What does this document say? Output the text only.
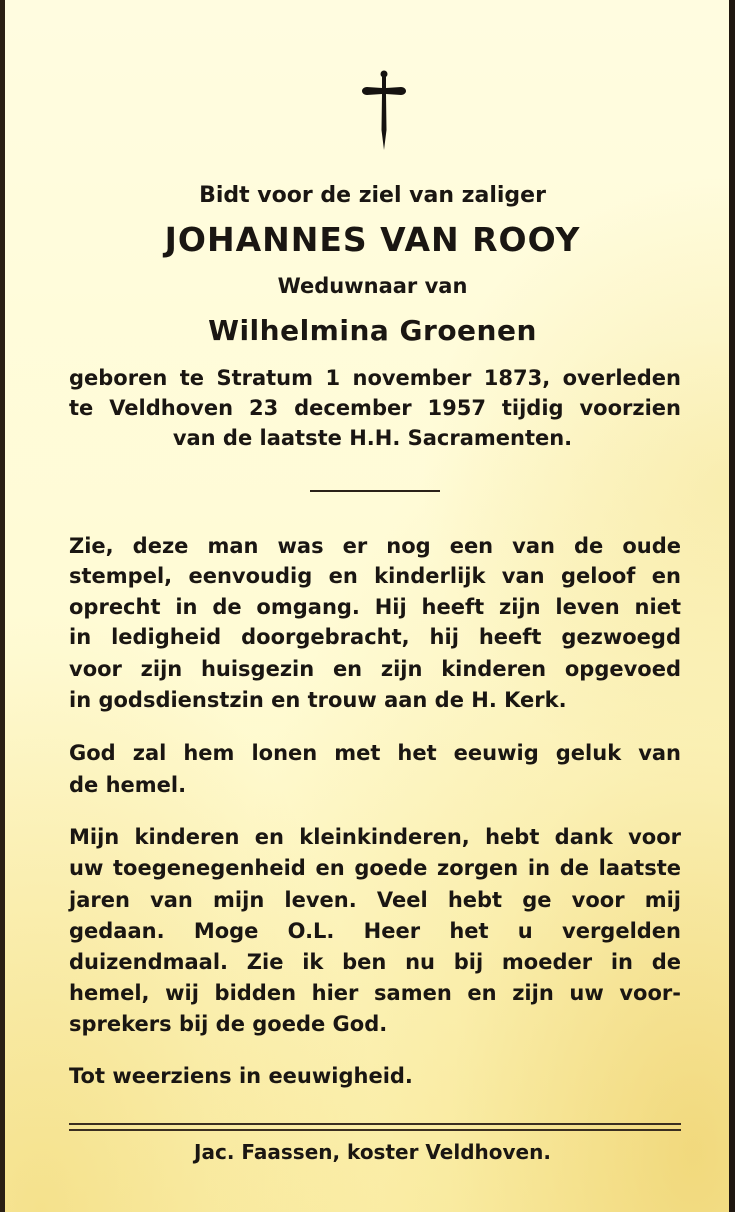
Bidt voor de ziel van zaliger
JOHANNES VAN ROOY
Weduwnaar van
Wilhelmina Groenen
geboren te Stratum 1 november 1873, overleden
te Veldhoven 23 december 1957 tijdig voorzien
van de laatste H.H. Sacramenten.
Zie, deze man was er nog een van de oude
stempel, eenvoudig en kinderlijk van geloof en
oprecht in de omgang. Hij heeft zijn leven niet
in ledigheid doorgebracht, hij heeft gezwoegd
voor zijn huisgezin en zijn kinderen opgevoed
in godsdienstzin en trouw aan de H. Kerk.
God zal hem lonen met het eeuwig geluk van
de hemel.
Mijn kinderen en kleinkinderen, hebt dank voor
uw toegenegenheid en goede zorgen in de laatste
jaren van mijn leven. Veel hebt ge voor mij
gedaan. Moge O.L. Heer het u vergelden
duizendmaal. Zie ik ben nu bij moeder in de
hemel, wij bidden hier samen en zijn uw voor-
sprekers bij de goede God.
Tot weerziens in eeuwigheid.
Jac. Faassen, koster Veldhoven.
